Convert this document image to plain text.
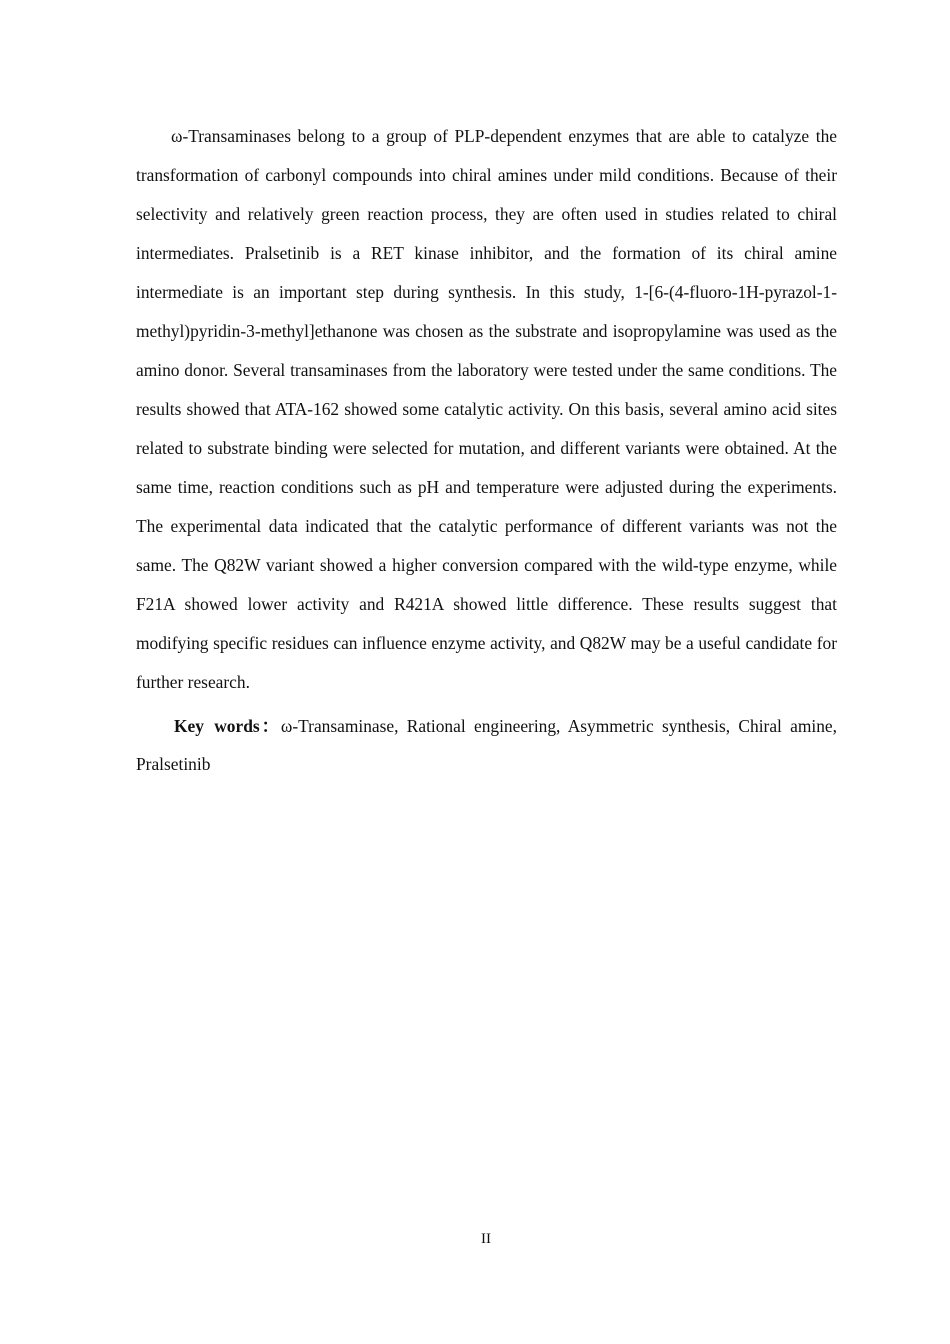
ω-Transaminases belong to a group of PLP-dependent enzymes that are able to catalyze the transformation of carbonyl compounds into chiral amines under mild conditions. Because of their selectivity and relatively green reaction process, they are often used in studies related to chiral intermediates. Pralsetinib is a RET kinase inhibitor, and the formation of its chiral amine intermediate is an important step during synthesis. In this study, 1-[6-(4-fluoro-1H-pyrazol-1-methyl)pyridin-3-methyl]ethanone was chosen as the substrate and isopropylamine was used as the amino donor. Several transaminases from the laboratory were tested under the same conditions. The results showed that ATA-162 showed some catalytic activity. On this basis, several amino acid sites related to substrate binding were selected for mutation, and different variants were obtained. At the same time, reaction conditions such as pH and temperature were adjusted during the experiments. The experimental data indicated that the catalytic performance of different variants was not the same. The Q82W variant showed a higher conversion compared with the wild-type enzyme, while F21A showed lower activity and R421A showed little difference. These results suggest that modifying specific residues can influence enzyme activity, and Q82W may be a useful candidate for further research.

Key words：ω-Transaminase, Rational engineering, Asymmetric synthesis, Chiral amine, Pralsetinib

II
